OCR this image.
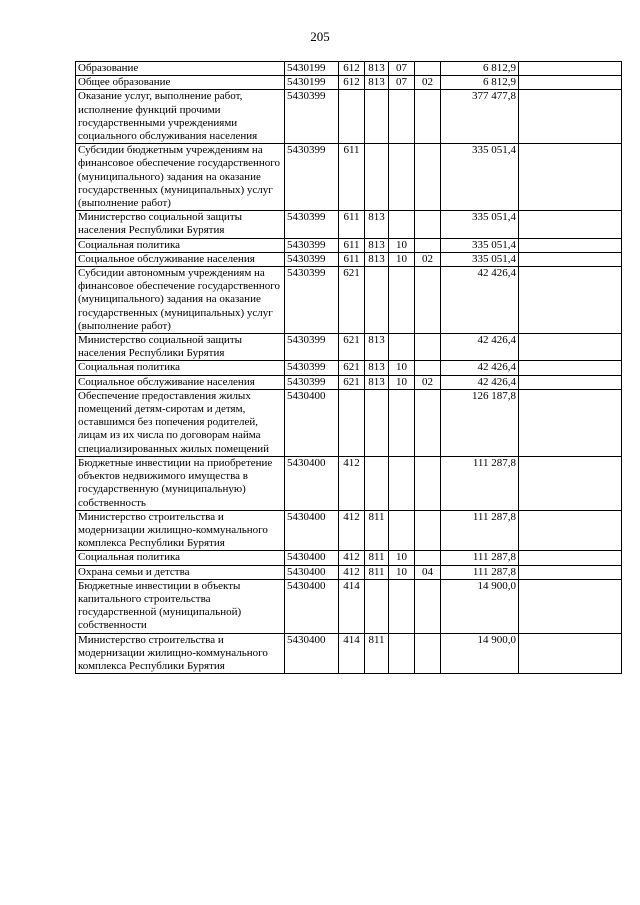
205
Образование	5430199	612	813	07		6 812,9	
Общее образование	5430199	612	813	07	02	6 812,9	
Оказание услуг, выполнение работ, исполнение функций прочими государственными учреждениями социального обслуживания населения	5430399					377 477,8	
Субсидии бюджетным учреждениям на финансовое обеспечение государственного (муниципального) задания на оказание государственных (муниципальных) услуг (выполнение работ)	5430399	611				335 051,4	
Министерство социальной защиты населения Республики Бурятия	5430399	611	813			335 051,4	
Социальная политика	5430399	611	813	10		335 051,4	
Социальное обслуживание населения	5430399	611	813	10	02	335 051,4	
Субсидии автономным учреждениям на финансовое обеспечение государственного (муниципального) задания на оказание государственных (муниципальных) услуг (выполнение работ)	5430399	621				42 426,4	
Министерство социальной защиты населения Республики Бурятия	5430399	621	813			42 426,4	
Социальная политика	5430399	621	813	10		42 426,4	
Социальное обслуживание населения	5430399	621	813	10	02	42 426,4	
Обеспечение предоставления жилых помещений детям-сиротам и детям, оставшимся без попечения родителей, лицам из их числа по договорам найма специализированных жилых помещений	5430400					126 187,8	
Бюджетные инвестиции на приобретение объектов недвижимого имущества в государственную (муниципальную) собственность	5430400	412				111 287,8	
Министерство строительства и модернизации жилищно-коммунального комплекса Республики Бурятия	5430400	412	811			111 287,8	
Социальная политика	5430400	412	811	10		111 287,8	
Охрана семьи и детства	5430400	412	811	10	04	111 287,8	
Бюджетные инвестиции в объекты капитального строительства государственной (муниципальной) собственности	5430400	414				14 900,0	
Министерство строительства и модернизации жилищно-коммунального комплекса Республики Бурятия	5430400	414	811			14 900,0	
